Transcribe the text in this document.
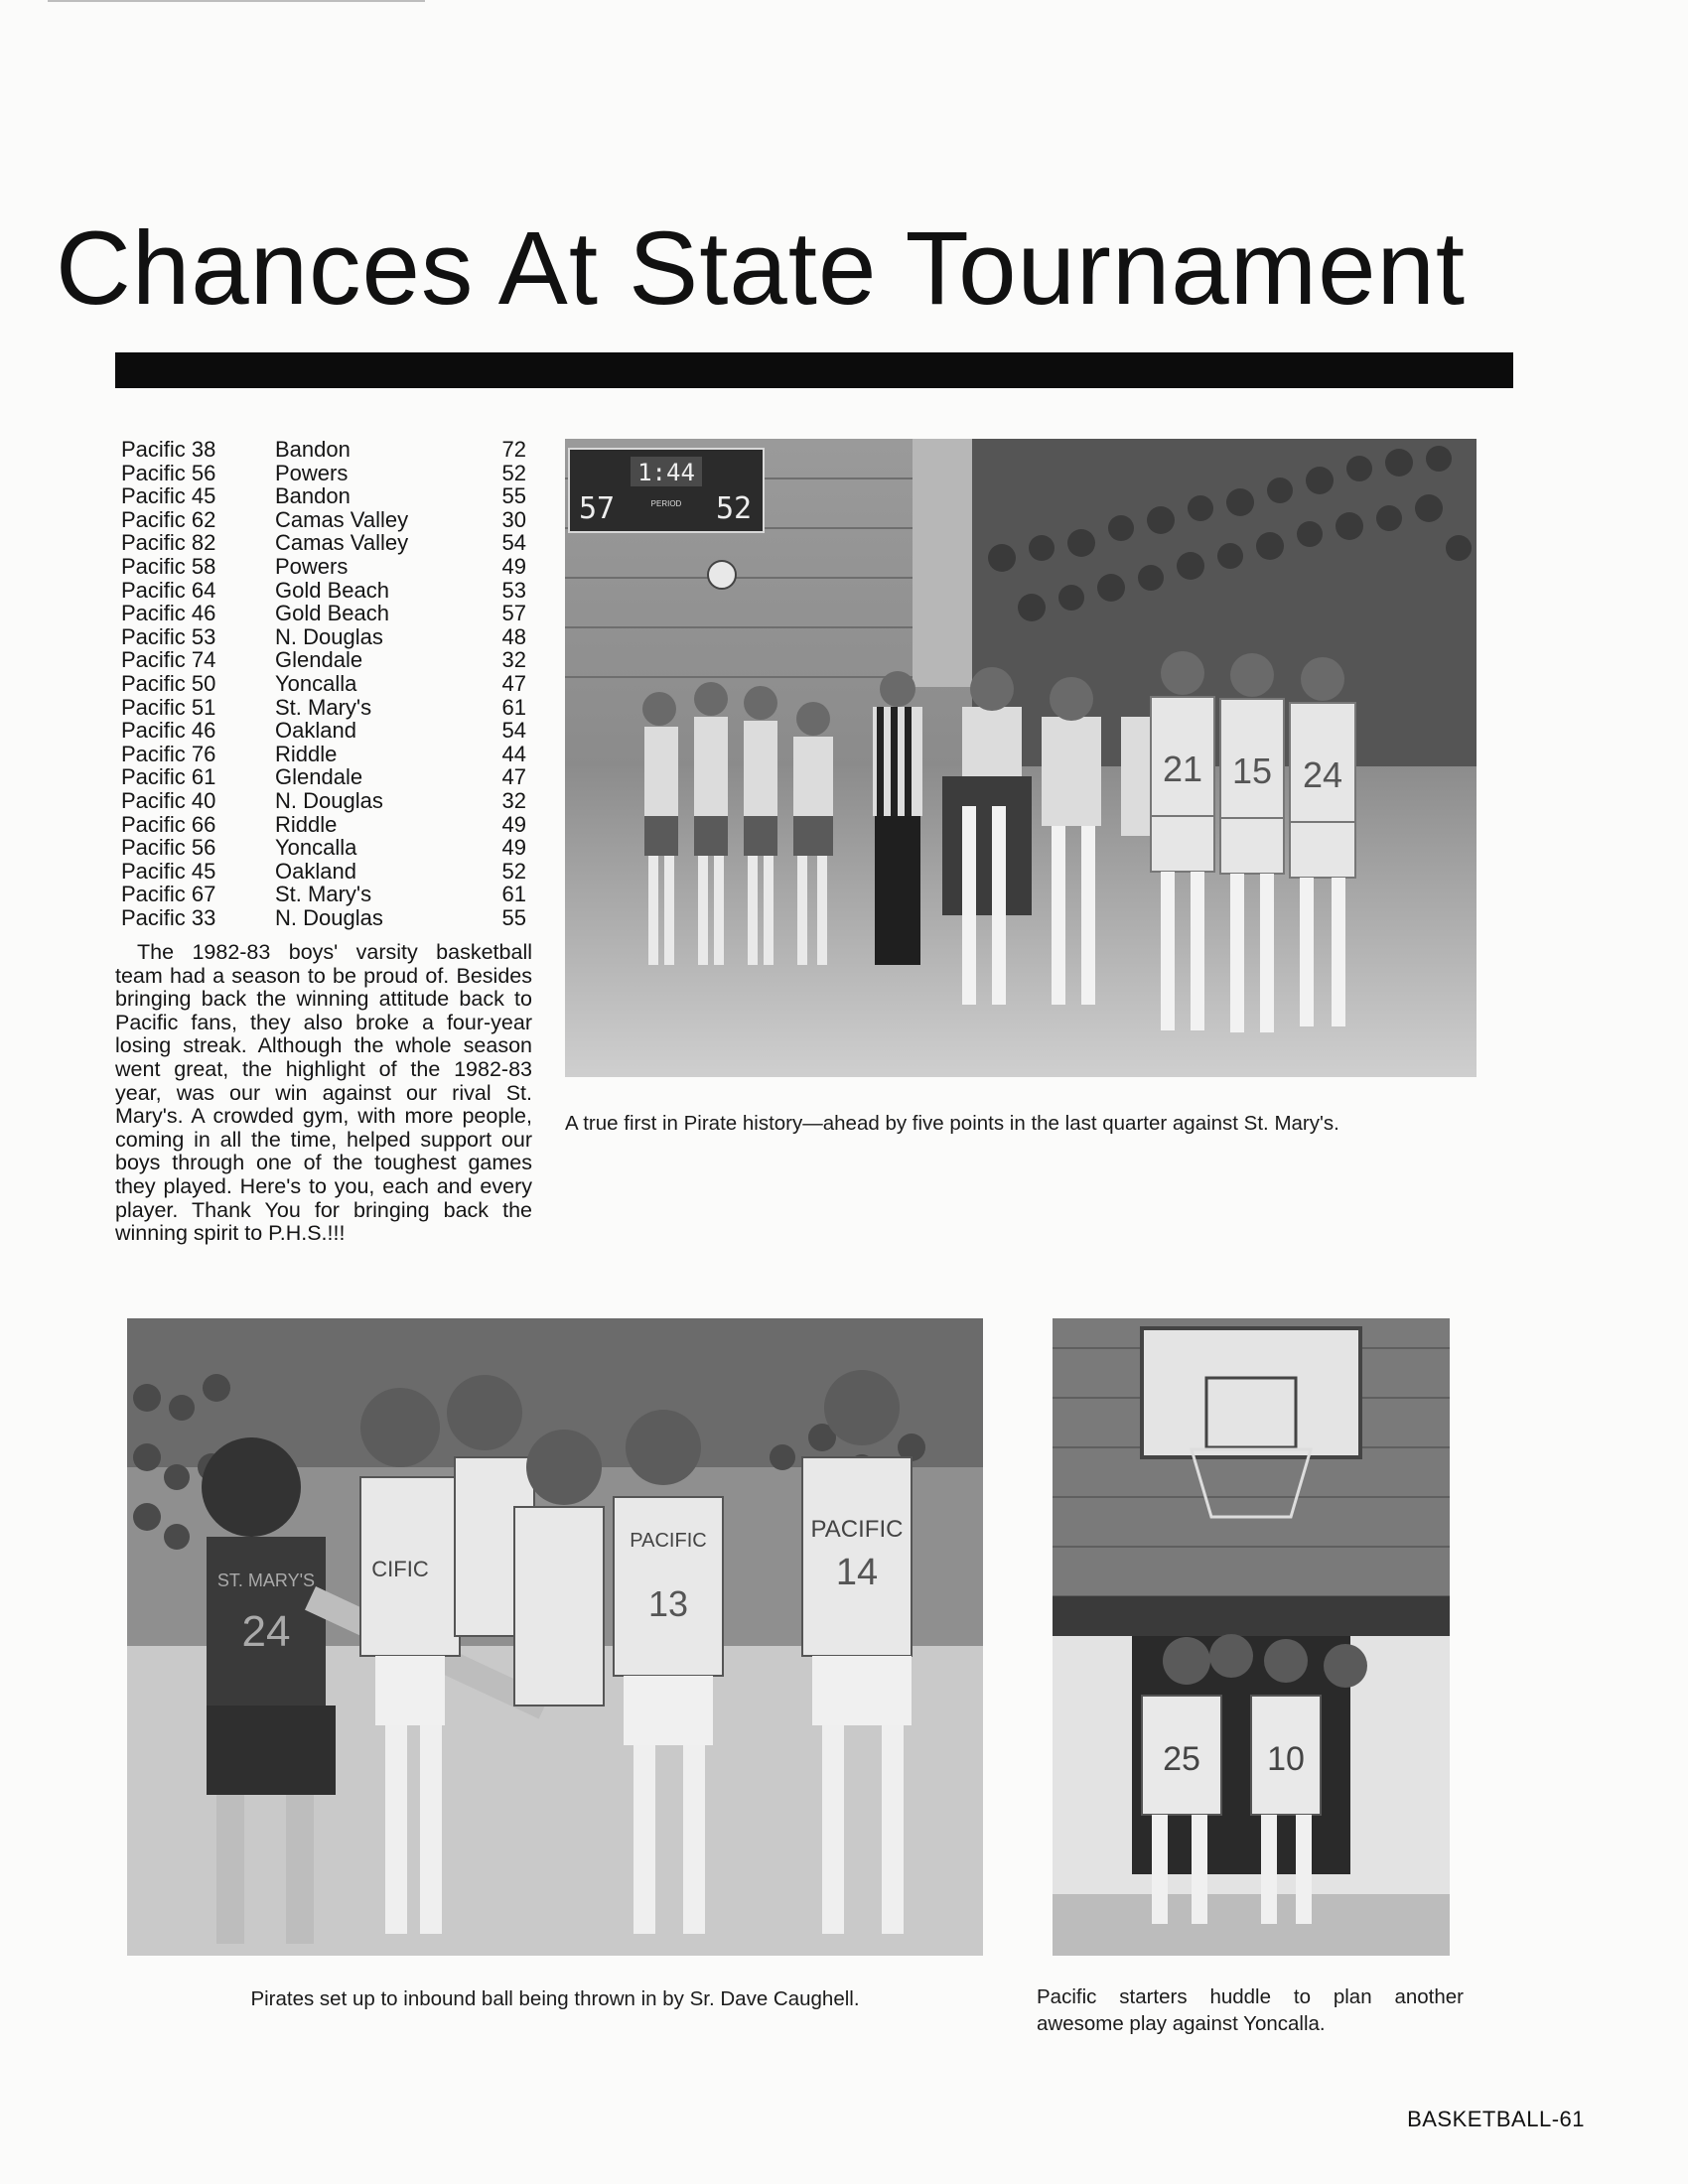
Chances At State Tournament
Pacific 38	Bandon	72
Pacific 56	Powers	52
Pacific 45	Bandon	55
Pacific 62	Camas Valley	30
Pacific 82	Camas Valley	54
Pacific 58	Powers	49
Pacific 64	Gold Beach	53
Pacific 46	Gold Beach	57
Pacific 53	N. Douglas	48
Pacific 74	Glendale	32
Pacific 50	Yoncalla	47
Pacific 51	St. Mary's	61
Pacific 46	Oakland	54
Pacific 76	Riddle	44
Pacific 61	Glendale	47
Pacific 40	N. Douglas	32
Pacific 66	Riddle	49
Pacific 56	Yoncalla	49
Pacific 45	Oakland	52
Pacific 67	St. Mary's	61
Pacific 33	N. Douglas	55

The 1982-83 boys' varsity basketball team had a season to be proud of. Besides bringing back the winning attitude back to Pacific fans, they also broke a four-year losing streak. Although the whole season went great, the highlight of the 1982-83 year, was our win against our rival St. Mary's. A crowded gym, with more people, coming in all the time, helped support our boys through one of the toughest games they played. Here's to you, each and every player. Thank You for bringing back the winning spirit to P.H.S.!!!

1:44
57	52
PERIOD
21 15 24
24
ST. MARY'S	CIFIC
PACIFIC
13
PACIFIC
14
25 10

A true first in Pirate history—ahead by five points in the last quarter against St. Mary's.

Pirates set up to inbound ball being thrown in by Sr. Dave Caughell.	Pacific starters huddle to plan another awesome play against Yoncalla.

BASKETBALL-61
